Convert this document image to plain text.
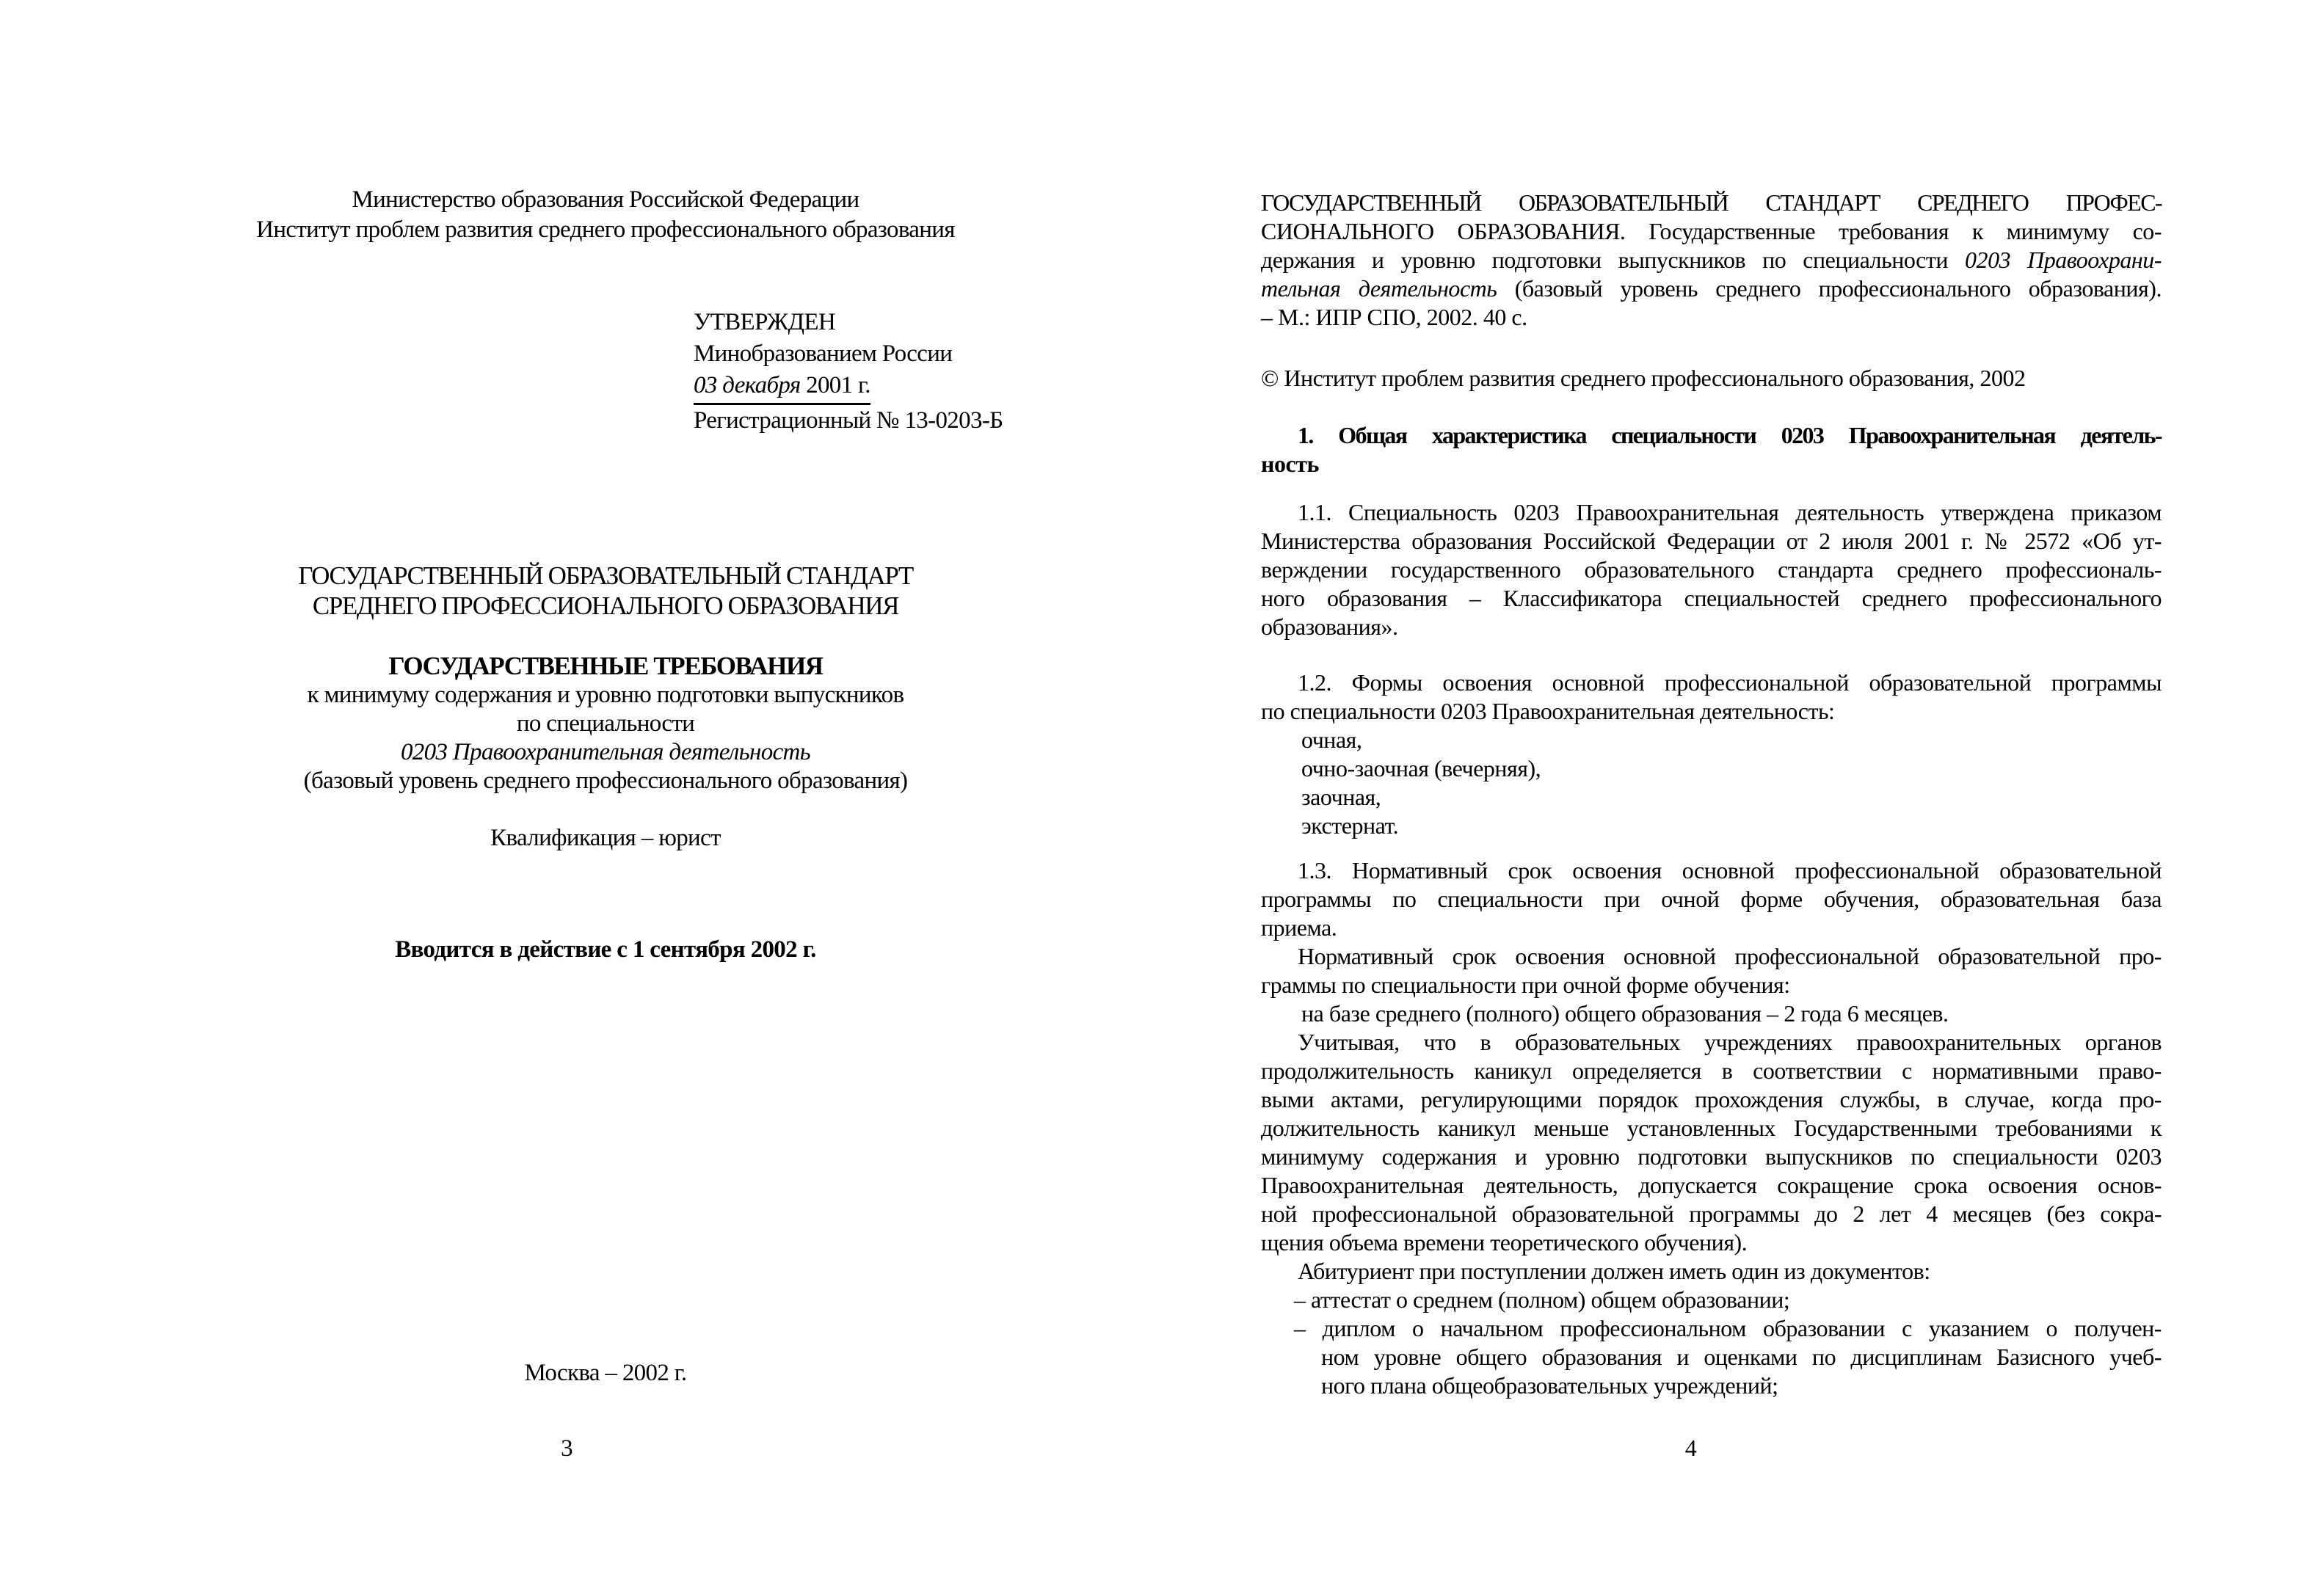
Министерство образования Российской Федерации
Институт проблем развития среднего профессионального образования
УТВЕРЖДЕН
Минобразованием России
03 декабря 2001 г.
Регистрационный № 13-0203-Б
ГОСУДАРСТВЕННЫЙ ОБРАЗОВАТЕЛЬНЫЙ СТАНДАРТ
СРЕДНЕГО ПРОФЕССИОНАЛЬНОГО ОБРАЗОВАНИЯ
ГОСУДАРСТВЕННЫЕ ТРЕБОВАНИЯ
к минимуму содержания и уровню подготовки выпускников
по специальности
0203 Правоохранительная деятельность
(базовый уровень среднего профессионального образования)
Квалификация – юрист
Вводится в действие с 1 сентября 2002 г.
Москва – 2002 г.
3
ГОСУДАРСТВЕННЫЙ ОБРАЗОВАТЕЛЬНЫЙ СТАНДАРТ СРЕДНЕГО ПРОФЕС-
СИОНАЛЬНОГО ОБРАЗОВАНИЯ. Государственные требования к минимуму со-
держания и уровню подготовки выпускников по специальности 0203 Правоохрани-
тельная деятельность (базовый уровень среднего профессионального образования).
– М.: ИПР СПО, 2002. 40 с.
© Институт проблем развития среднего профессионального образования, 2002
1. Общая характеристика специальности 0203 Правоохранительная деятель-
ность
1.1. Специальность 0203 Правоохранительная деятельность утверждена приказом
Министерства образования Российской Федерации от 2 июля 2001 г. № 2572 «Об ут-
верждении государственного образовательного стандарта среднего профессиональ-
ного образования – Классификатора специальностей среднего профессионального
образования».
1.2. Формы освоения основной профессиональной образовательной программы
по специальности 0203 Правоохранительная деятельность:
очная,
очно-заочная (вечерняя),
заочная,
экстернат.
1.3. Нормативный срок освоения основной профессиональной образовательной
программы по специальности при очной форме обучения, образовательная база
приема.
Нормативный срок освоения основной профессиональной образовательной про-
граммы по специальности при очной форме обучения:
на базе среднего (полного) общего образования – 2 года 6 месяцев.
Учитывая, что в образовательных учреждениях правоохранительных органов
продолжительность каникул определяется в соответствии с нормативными право-
выми актами, регулирующими порядок прохождения службы, в случае, когда про-
должительность каникул меньше установленных Государственными требованиями к
минимуму содержания и уровню подготовки выпускников по специальности 0203
Правоохранительная деятельность, допускается сокращение срока освоения основ-
ной профессиональной образовательной программы до 2 лет 4 месяцев (без сокра-
щения объема времени теоретического обучения).
Абитуриент при поступлении должен иметь один из документов:
– аттестат о среднем (полном) общем образовании;
– диплом о начальном профессиональном образовании с указанием о получен-
ном уровне общего образования и оценками по дисциплинам Базисного учеб-
ного плана общеобразовательных учреждений;
4
